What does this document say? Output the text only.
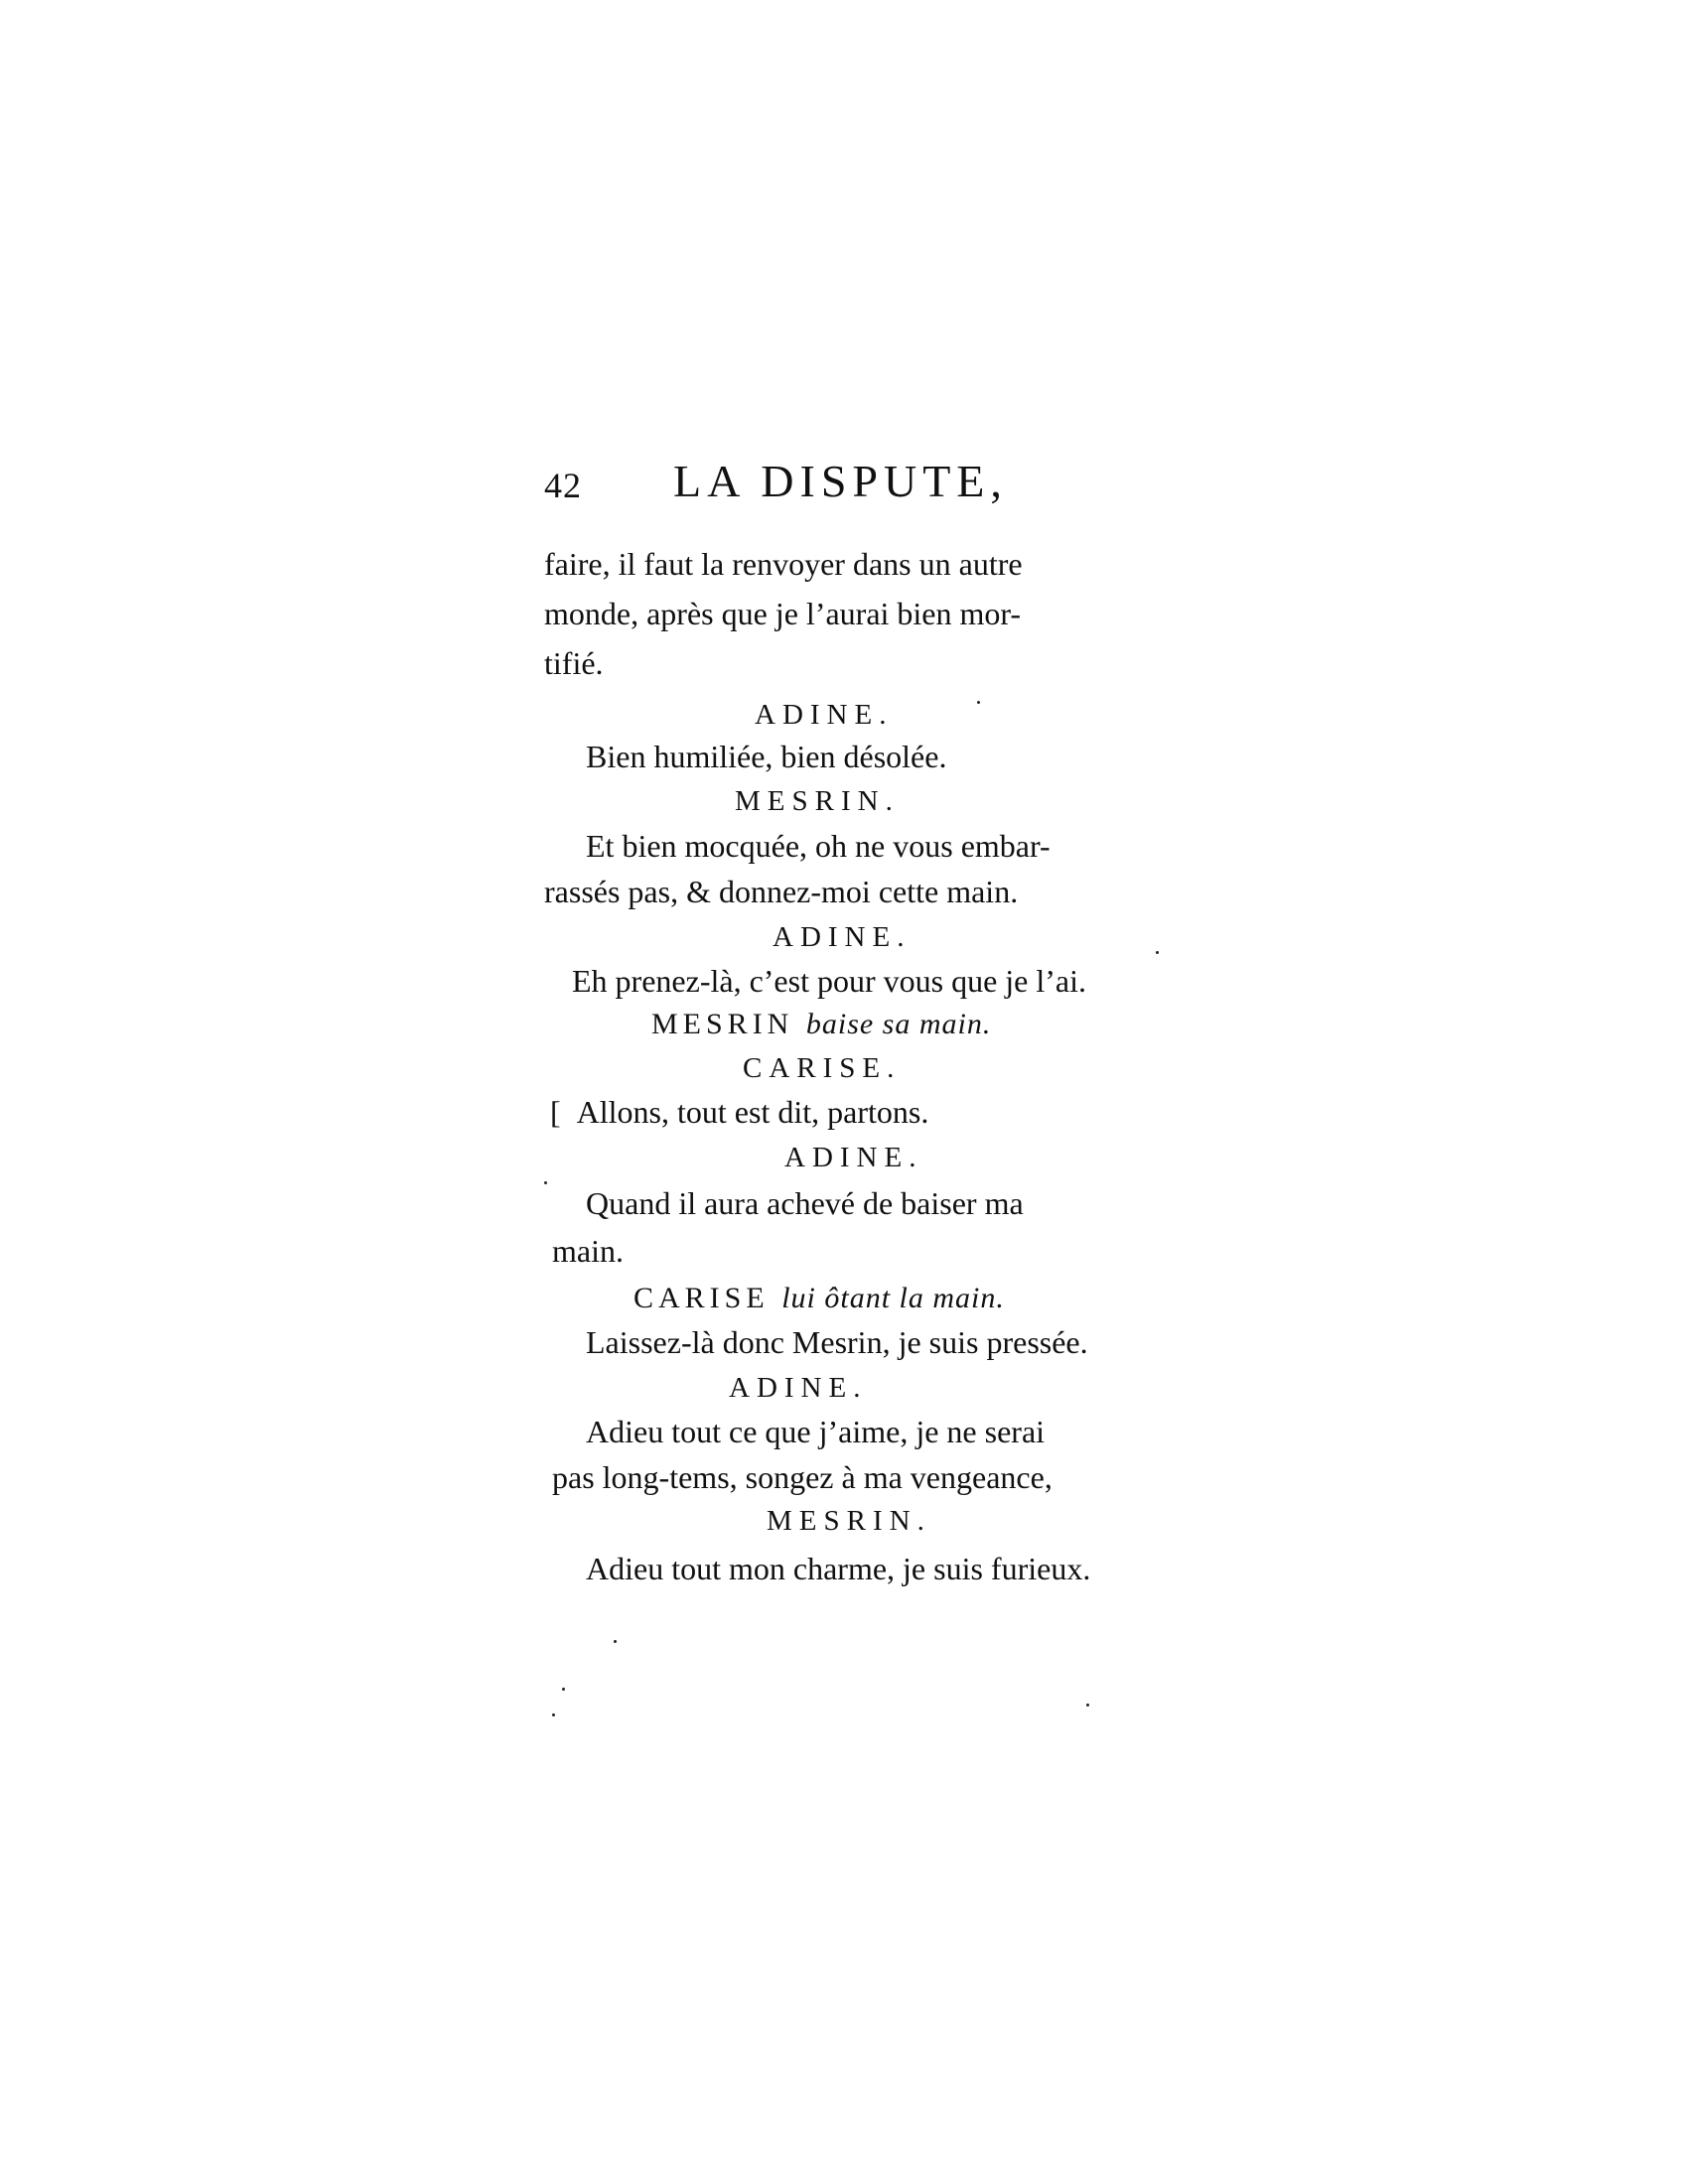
42 LA DISPUTE,
faire, il faut la renvoyer dans un autre
monde, après que je l’aurai bien mor-
tifié.
ADINE.
Bien humiliée, bien désolée.
MESRIN.
Et bien mocquée, oh ne vous embar-
rassés pas, & donnez-moi cette main.
ADINE.
Eh prenez-là, c’est pour vous que je l’ai.
MESRIN baise sa main.
CARISE.
[ Allons, tout est dit, partons.
ADINE.
Quand il aura achevé de baiser ma
main.
CARISE lui ôtant la main.
Laissez-là donc Mesrin, je suis pressée.
ADINE.
Adieu tout ce que j’aime, je ne serai
pas long-tems, songez à ma vengeance,
MESRIN.
Adieu tout mon charme, je suis furieux.
